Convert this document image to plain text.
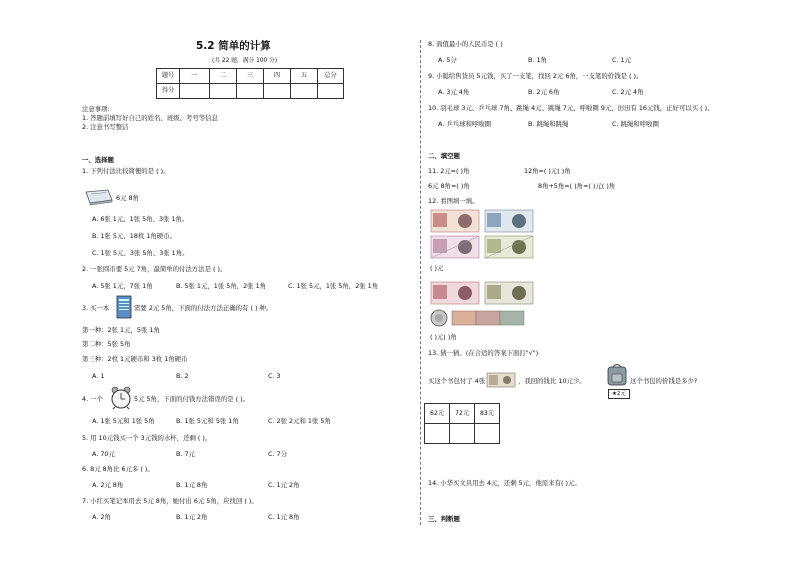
5.2 简单的计算
(共 22 题，满分 100 分)
题号	一	二	三	四	五	总分
得分						
注意事项:
1. 答题前填写好自己的姓名、班级、考号等信息
2. 注意书写整洁
一、选择题
1. 下列付法比较简便的是 ( )。
6元 8角
A. 6张 1元、1张 5角、3张 1角。
B. 1张 5元、18枚 1角硬币。
C. 1张 5元、3张 5角、3张 1角。
2. 一张圆币要 5元 7角，最简单的付法方法是 ( )。
A. 5张 1元，7张 1角	B. 5张 1元，1张 5角，2张 1角	C. 1张 5元，1张 5角，2张 1角
3. 买一本	需要 2元 5角，下面的付法方法正确的有 ( ) 种。
第一种：2张 1元，5张 1角
第二种：5张 5角
第三种：2枚 1元硬币和 3枚 1角硬币
A. 1	B. 2	C. 3
4. 一个	5元 5角，下面的付钱方法错误的是 ( )。
A. 1张 5元和 1张 5角	B. 1张 5元和 5张 1角	C. 2张 2元和 1张 5角
5. 用 10元钱买一个 3元钱的水杯，还剩 ( )。
A. 70元	B. 7元	C. 7分
6. 8元 8角比 6元多 ( )。
A. 2元 8角	B. 1元 8角	C. 1元 2角
7. 小红买笔记本用去 5元 8角，她付出 6元 5角，应找回 ( )。
A. 2角	B. 1元 2角	C. 1元 8角
8. 面值最小的人民币是 ( )
A. 5分	B. 1角	C. 1元
9. 小聪给售货员 5元钱，买了一支笔，找回 2元 6角，一支笔的价钱是 ( )。
A. 3元 4角	B. 2元 6角	C. 2元 4角
10. 羽毛球 3元、乒乓球 7角、跳绳 4元、跳绳 7元、呼啦圈 9元，田田有 16元钱，正好可以买 ( )。
A. 乒乓球和呼啦圈	B. 跳绳和跳绳	C. 跳绳和呼啦圈
二、填空题
11. 2元=( )角	12角=( )元( )角
6元 8角=( )角	8角+5角=( )角=( )元( )角
12. 看图填一填。
( )元
( )元( )角
13. 猜一猜。(在合适的答案下面打"√")
买这个书包付了 4张	，我回的钱比 10元少。	这个书包的价钱是多少?
★2元
62元	72元	83元

14. 小华买文具用去 4元，还剩 5元，他原来有( )元。
三、判断题
